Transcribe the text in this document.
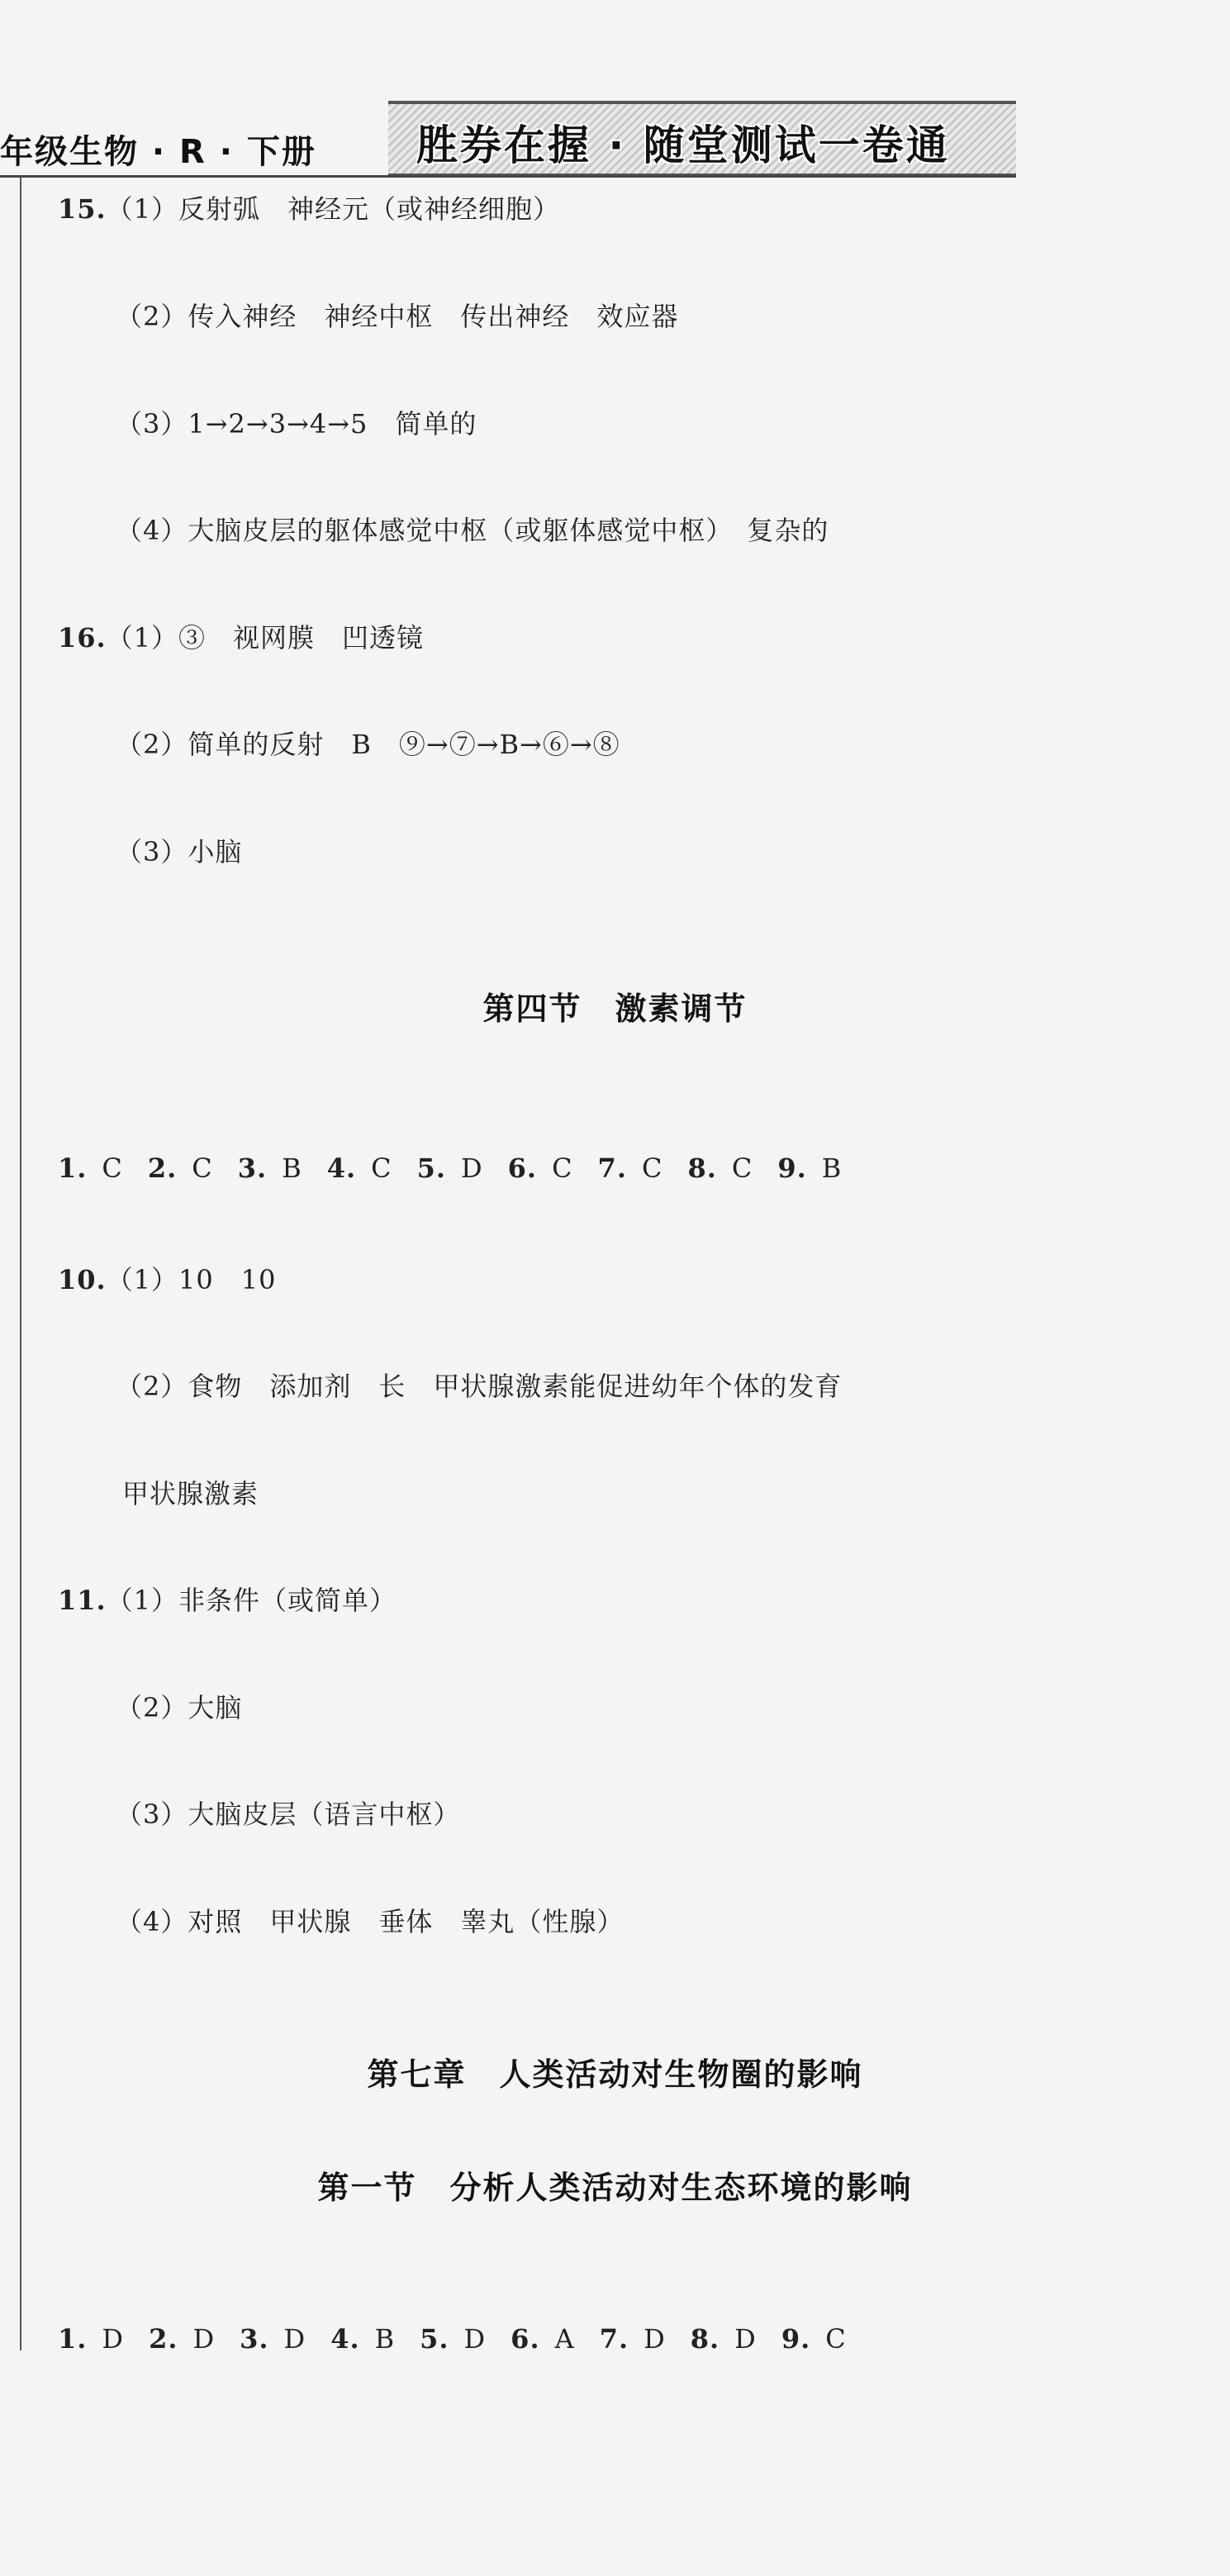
年级生物 · R · 下册 胜券在握 · 随堂测试一卷通
15.（1）反射弧　神经元（或神经细胞）
（2）传入神经　神经中枢　传出神经　效应器
（3）1→2→3→4→5　简单的
（4）大脑皮层的躯体感觉中枢（或躯体感觉中枢）　复杂的
16.（1）③　视网膜　凹透镜
（2）简单的反射　B　⑨→⑦→B→⑥→⑧
（3）小脑
第四节　激素调节
1. C 2. C 3. B 4. C 5. D 6. C 7. C 8. C 9. B
10.（1）10　10
（2）食物　添加剂　长　甲状腺激素能促进幼年个体的发育
甲状腺激素
11.（1）非条件（或简单）
（2）大脑
（3）大脑皮层（语言中枢）
（4）对照　甲状腺　垂体　睾丸（性腺）
第七章　人类活动对生物圈的影响
第一节　分析人类活动对生态环境的影响
1. D 2. D 3. D 4. B 5. D 6. A 7. D 8. D 9. C
